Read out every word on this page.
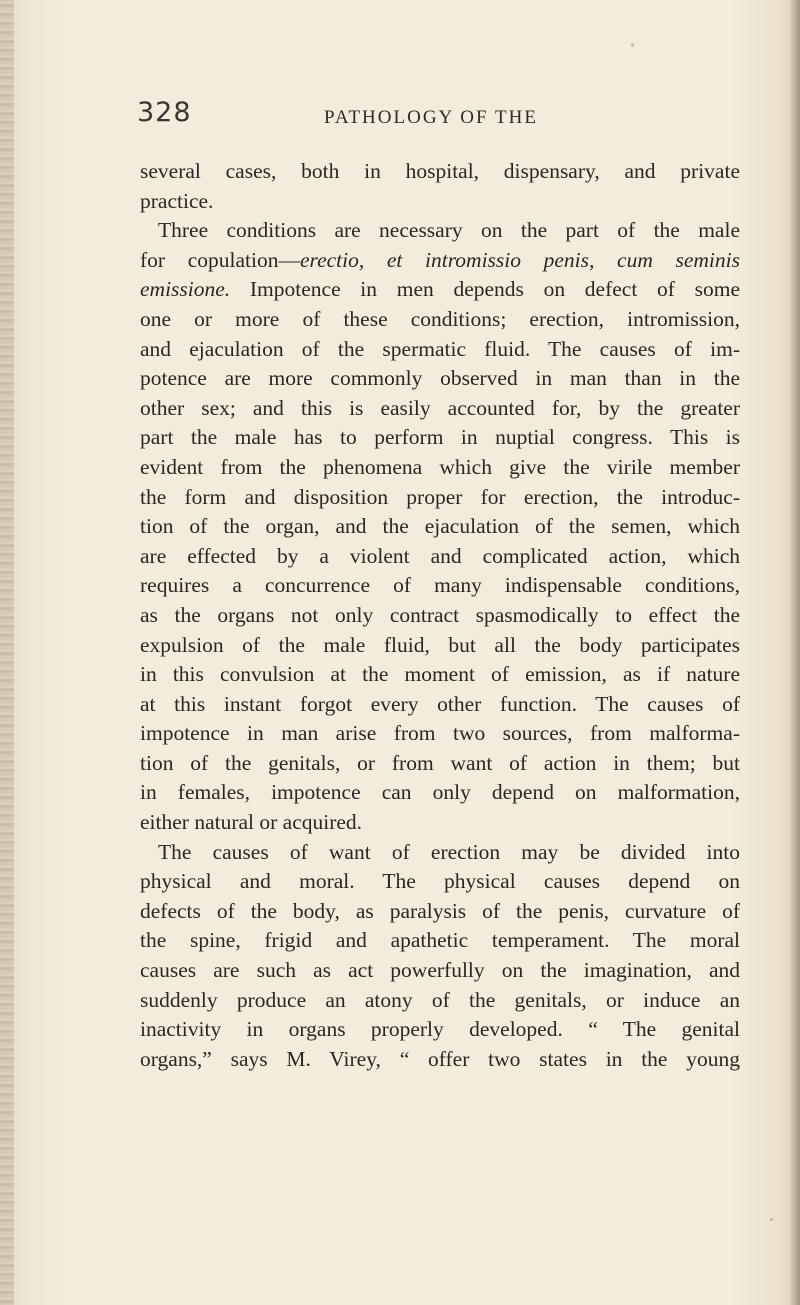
328	PATHOLOGY OF THE
several cases, both in hospital, dispensary, and private
practice.
Three conditions are necessary on the part of the male
for copulation—erectio, et intromissio penis, cum seminis
emissione. Impotence in men depends on defect of some
one or more of these conditions; erection, intromission,
and ejaculation of the spermatic fluid. The causes of im-
potence are more commonly observed in man than in the
other sex; and this is easily accounted for, by the greater
part the male has to perform in nuptial congress. This is
evident from the phenomena which give the virile member
the form and disposition proper for erection, the introduc-
tion of the organ, and the ejaculation of the semen, which
are effected by a violent and complicated action, which
requires a concurrence of many indispensable conditions,
as the organs not only contract spasmodically to effect the
expulsion of the male fluid, but all the body participates
in this convulsion at the moment of emission, as if nature
at this instant forgot every other function. The causes of
impotence in man arise from two sources, from malforma-
tion of the genitals, or from want of action in them; but
in females, impotence can only depend on malformation,
either natural or acquired.
The causes of want of erection may be divided into
physical and moral. The physical causes depend on
defects of the body, as paralysis of the penis, curvature of
the spine, frigid and apathetic temperament. The moral
causes are such as act powerfully on the imagination, and
suddenly produce an atony of the genitals, or induce an
inactivity in organs properly developed. “ The genital
organs,” says M. Virey, “ offer two states in the young
